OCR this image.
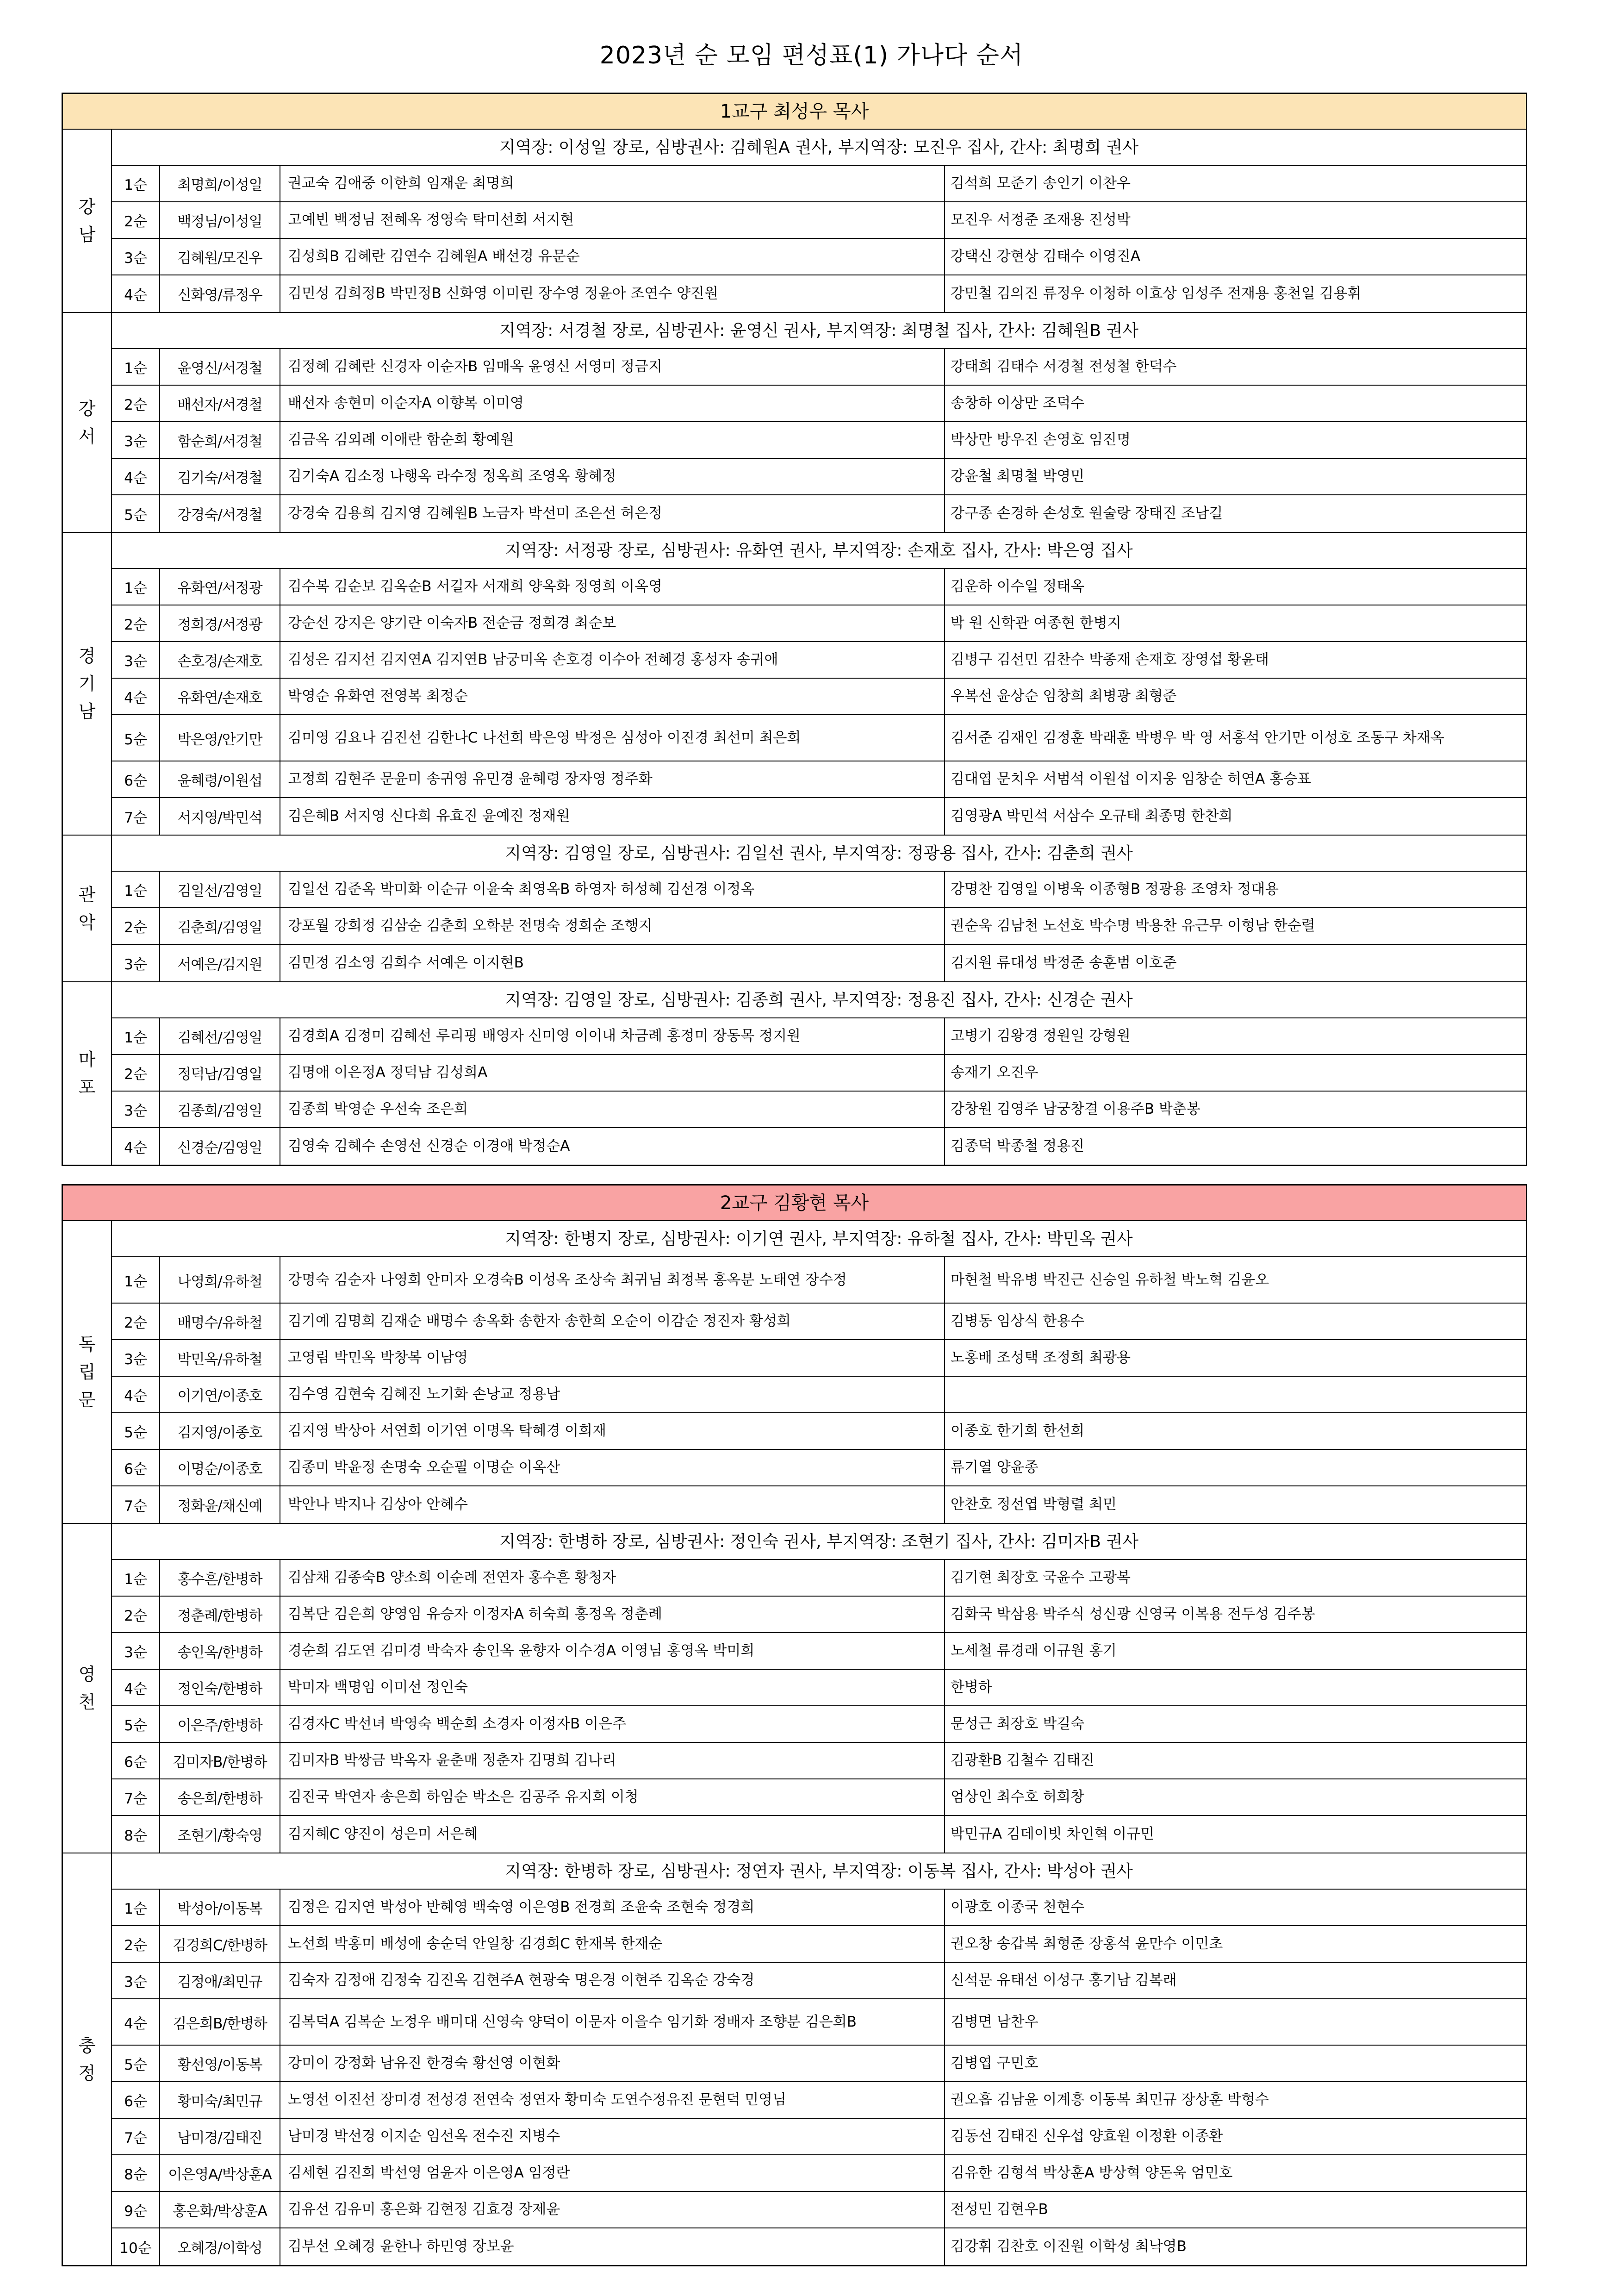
2023년 순 모임 편성표(1) 가나다 순서
1교구 최성우 목사
강
남
지역장: 이성일 장로, 심방권사: 김혜원A 권사, 부지역장: 모진우 집사, 간사: 최명희 권사
1순	최명희/이성일	권교숙 김애중 이한희 임재운 최명희	김석희 모준기 송인기 이찬우
2순	백정님/이성일	고예빈 백정님 전혜옥 정영숙 탁미선희 서지현	모진우 서정준 조재용 진성박
3순	김혜원/모진우	김성희B 김혜란 김연수 김혜원A 배선경 유문순	강택신 강현상 김태수 이영진A
4순	신화영/류정우	김민성 김희정B 박민정B 신화영 이미린 장수영 정윤아 조연수 양진원	강민철 김의진 류정우 이청하 이효상 임성주 전재용 홍천일 김용휘
강
서
지역장: 서경철 장로, 심방권사: 윤영신 권사, 부지역장: 최명철 집사, 간사: 김혜원B 권사
1순	윤영신/서경철	김정혜 김혜란 신경자 이순자B 임매옥 윤영신 서영미 정금지	강태희 김태수 서경철 전성철 한덕수
2순	배선자/서경철	배선자 송현미 이순자A 이향복 이미영	송창하 이상만 조덕수
3순	함순희/서경철	김금옥 김외례 이애란 함순희 황예원	박상만 방우진 손영호 임진명
4순	김기숙/서경철	김기숙A 김소정 나행옥 라수정 정옥희 조영옥 황혜정	강윤철 최명철 박영민
5순	강경숙/서경철	강경숙 김용희 김지영 김혜원B 노금자 박선미 조은선 허은정	강구종 손경하 손성호 원술랑 장태진 조남길
경
기
남
지역장: 서정광 장로, 심방권사: 유화연 권사, 부지역장: 손재호 집사, 간사: 박은영 집사
1순	유화연/서정광	김수복 김순보 김옥순B 서길자 서재희 양옥화 정영희 이옥영	김운하 이수일 정태옥
2순	정희경/서정광	강순선 강지은 양기란 이숙자B 전순금 정희경 최순보	박 원 신학관 여종현 한병지
3순	손호경/손재호	김성은 김지선 김지연A 김지연B 남궁미옥 손호경 이수아 전혜경 홍성자 송귀애	김병구 김선민 김찬수 박종재 손재호 장영섭 황윤태
4순	유화연/손재호	박영순 유화연 전영복 최정순	우복선 윤상순 임창희 최병광 최형준
5순	박은영/안기만	김미영 김요나 김진선 김한나C 나선희 박은영 박정은 심성아 이진경 최선미 최은희	김서준 김재인 김정훈 박래훈 박병우 박 영 서홍석 안기만 이성호 조동구 차재옥
6순	윤혜령/이원섭	고정희 김현주 문윤미 송귀영 유민경 윤혜령 장자영 정주화	김대엽 문치우 서범석 이원섭 이지웅 임창순 허연A 홍승표
7순	서지영/박민석	김은혜B 서지영 신다희 유효진 윤예진 정재원	김영광A 박민석 서삼수 오규태 최종명 한찬희
관
악
지역장: 김영일 장로, 심방권사: 김일선 권사, 부지역장: 정광용 집사, 간사: 김춘희 권사
1순	김일선/김영일	김일선 김준옥 박미화 이순규 이윤숙 최영옥B 하영자 허성혜 김선경 이정옥	강명찬 김영일 이병욱 이종형B 정광용 조영차 정대용
2순	김춘희/김영일	강포월 강희정 김삼순 김춘희 오학분 전명숙 정희순 조행지	권순욱 김남천 노선호 박수명 박용찬 유근무 이형남 한순렬
3순	서예은/김지원	김민정 김소영 김희수 서예은 이지현B	김지원 류대성 박정준 송훈범 이호준
마
포
지역장: 김영일 장로, 심방권사: 김종희 권사, 부지역장: 정용진 집사, 간사: 신경순 권사
1순	김혜선/김영일	김경희A 김정미 김혜선 루리핑 배영자 신미영 이이내 차금례 홍정미 장동목 정지원	고병기 김왕경 정원일 강형원
2순	정덕남/김영일	김명애 이은정A 정덕남 김성희A	송재기 오진우
3순	김종희/김영일	김종희 박영순 우선숙 조은희	강창원 김영주 남궁창결 이용주B 박춘봉
4순	신경순/김영일	김영숙 김혜수 손영선 신경순 이경애 박정순A	김종덕 박종철 정용진
2교구 김황현 목사
독
립
문
지역장: 한병지 장로, 심방권사: 이기연 권사, 부지역장: 유하철 집사, 간사: 박민옥 권사
1순	나영희/유하철	강명숙 김순자 나영희 안미자 오경숙B 이성옥 조상숙 최귀님 최정복 홍옥분 노태연 장수정	마현철 박유병 박진근 신승일 유하철 박노혁 김윤오
2순	배명수/유하철	김기예 김명희 김재순 배명수 송옥화 송한자 송한희 오순이 이감순 정진자 황성희	김병동 임상식 한용수
3순	박민옥/유하철	고영림 박민옥 박창복 이남영	노홍배 조성택 조정희 최광용
4순	이기연/이종호	김수영 김현숙 김혜진 노기화 손낭교 정용남
5순	김지영/이종호	김지영 박상아 서연희 이기연 이명옥 탁혜경 이희재	이종호 한기희 한선희
6순	이명순/이종호	김종미 박윤정 손명숙 오순필 이명순 이옥산	류기열 양윤종
7순	정화윤/채신예	박안나 박지나 김상아 안혜수	안찬호 정선엽 박형렬 최민
영
천
지역장: 한병하 장로, 심방권사: 정인숙 권사, 부지역장: 조현기 집사, 간사: 김미자B 권사
1순	홍수흔/한병하	김삼채 김종숙B 양소희 이순례 전연자 홍수흔 황청자	김기현 최장호 국윤수 고광복
2순	정춘례/한병하	김복단 김은희 양영임 유승자 이정자A 허숙희 홍정옥 정춘례	김화국 박삼용 박주식 성신광 신영국 이복용 전두성 김주봉
3순	송인옥/한병하	경순희 김도연 김미경 박숙자 송인옥 윤향자 이수경A 이영님 홍영옥 박미희	노세철 류경래 이규원 홍기
4순	정인숙/한병하	박미자 백명임 이미선 정인숙	한병하
5순	이은주/한병하	김경자C 박선녀 박영숙 백순희 소경자 이정자B 이은주	문성근 최장호 박길숙
6순	김미자B/한병하	김미자B 박쌍금 박옥자 윤춘매 정춘자 김명희 김나리	김광환B 김철수 김태진
7순	송은희/한병하	김진국 박연자 송은희 하임순 박소은 김공주 유지희 이청	엄상인 최수호 허희창
8순	조현기/황숙영	김지혜C 양진이 성은미 서은혜	박민규A 김데이빗 차인혁 이규민
충
정
지역장: 한병하 장로, 심방권사: 정연자 권사, 부지역장: 이동복 집사, 간사: 박성아 권사
1순	박성아/이동복	김정은 김지연 박성아 반혜영 백숙영 이은영B 전경희 조윤숙 조현숙 정경희	이광호 이종국 천현수
2순	김경희C/한병하	노선희 박홍미 배성애 송순덕 안일창 김경희C 한재복 한재순	권오창 송갑복 최형준 장홍석 윤만수 이민초
3순	김정애/최민규	김숙자 김정애 김정숙 김진옥 김현주A 현광숙 명은경 이현주 김옥순 강숙경	신석문 유태선 이성구 홍기남 김복래
4순	김은희B/한병하	김복덕A 김복순 노정우 배미대 신영숙 양덕이 이문자 이을수 임기화 정배자 조향분 김은희B	김병면 남찬우
5순	황선영/이동복	강미이 강정화 남유진 한경숙 황선영 이현화	김병엽 구민호
6순	황미숙/최민규	노영선 이진선 장미경 전성경 전연숙 정연자 황미숙 도연수정유진 문현덕 민영님	권오흡 김남윤 이계흥 이동복 최민규 장상훈 박형수
7순	남미경/김태진	남미경 박선경 이지순 임선옥 전수진 지병수	김동선 김태진 신우섭 양효원 이정환 이종환
8순	이은영A/박상훈A	김세현 김진희 박선영 엄윤자 이은영A 임정란	김유한 김형석 박상훈A 방상혁 양돈욱 엄민호
9순	홍은화/박상훈A	김유선 김유미 홍은화 김현정 김효경 장제윤	전성민 김현우B
10순	오혜경/이학성	김부선 오혜경 윤한나 하민영 장보윤	김강휘 김찬호 이진원 이학성 최낙영B
